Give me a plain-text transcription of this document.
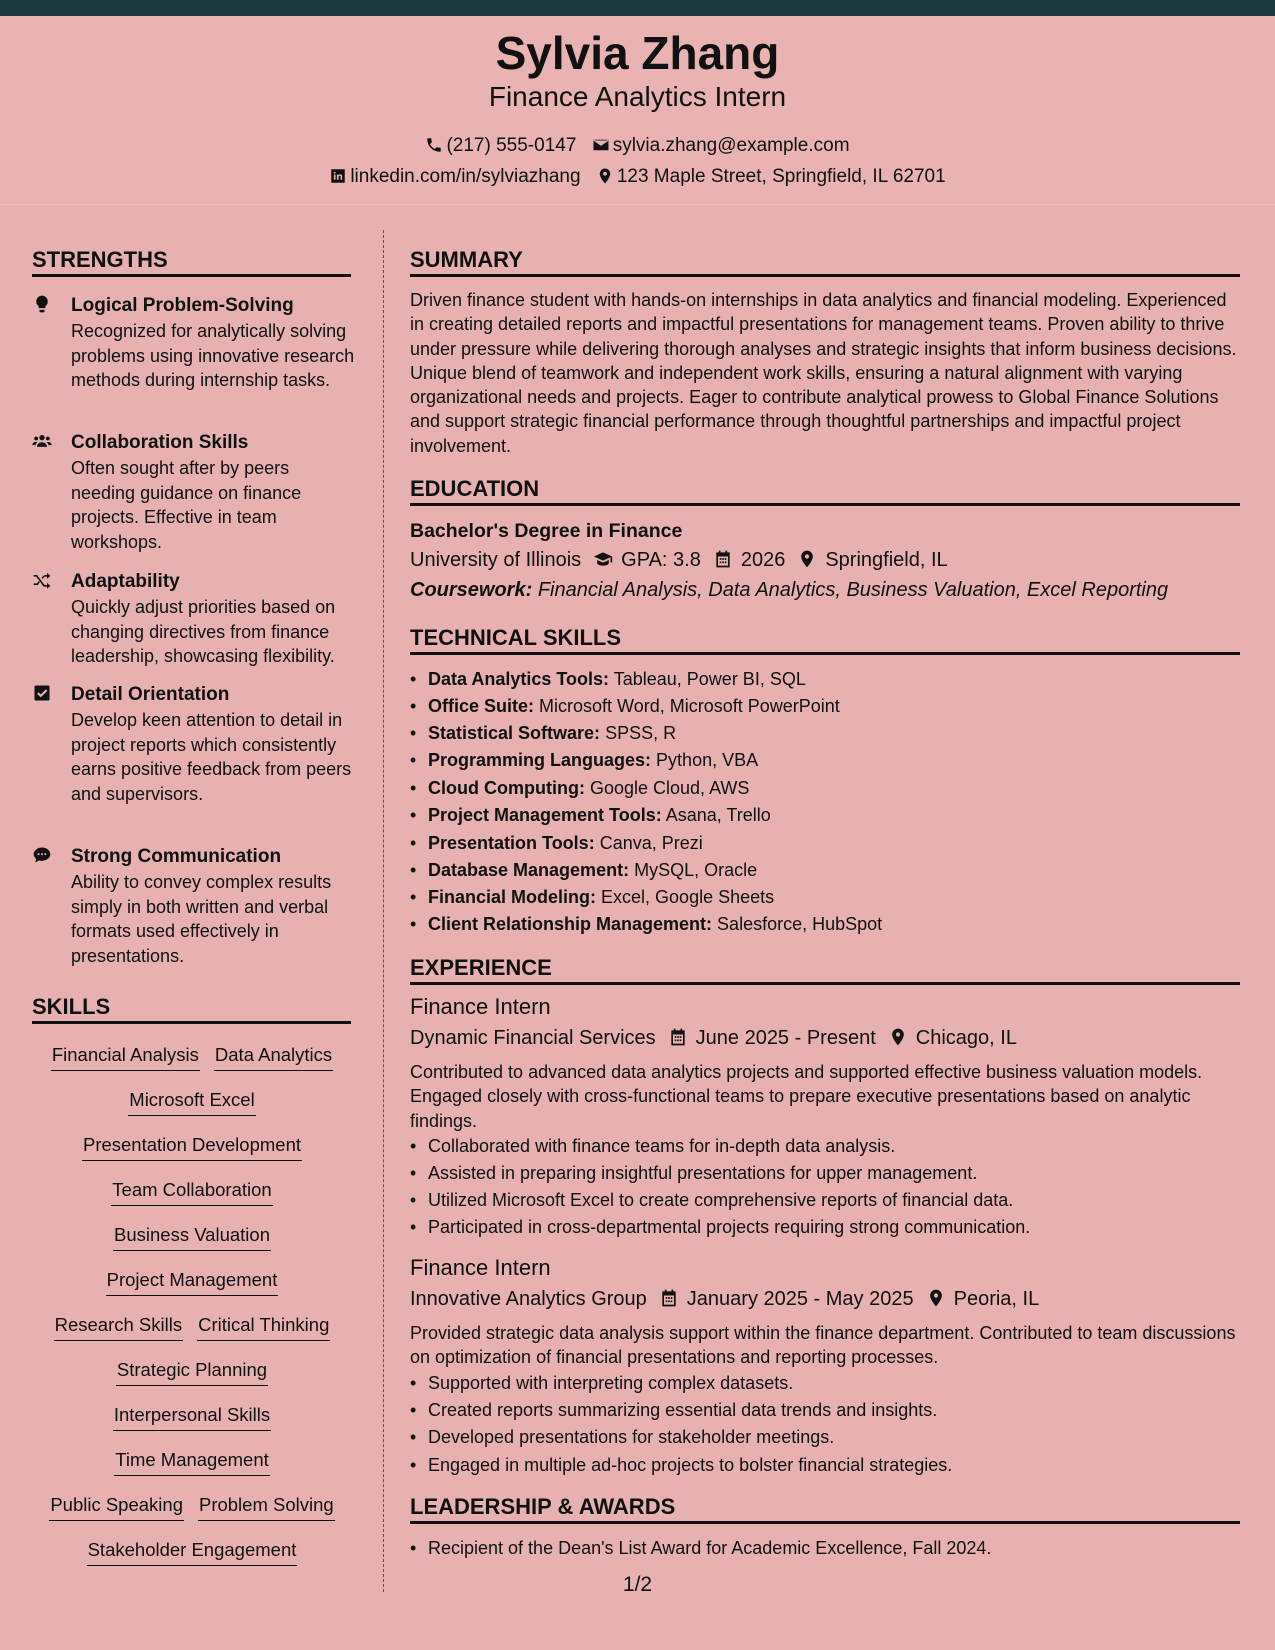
Sylvia Zhang
Finance Analytics Intern
(217) 555-0147 sylvia.zhang@example.com
linkedin.com/in/sylviazhang 123 Maple Street, Springfield, IL 62701
STRENGTHS
Logical Problem-Solving
Recognized for analytically solving problems using innovative research methods during internship tasks.
Collaboration Skills
Often sought after by peers needing guidance on finance projects. Effective in team workshops.
Adaptability
Quickly adjust priorities based on changing directives from finance leadership, showcasing flexibility.
Detail Orientation
Develop keen attention to detail in project reports which consistently earns positive feedback from peers and supervisors.
Strong Communication
Ability to convey complex results simply in both written and verbal formats used effectively in presentations.
SKILLS
Financial Analysis Data Analytics
Microsoft Excel
Presentation Development
Team Collaboration
Business Valuation
Project Management
Research Skills Critical Thinking
Strategic Planning
Interpersonal Skills
Time Management
Public Speaking Problem Solving
Stakeholder Engagement
SUMMARY
Driven finance student with hands-on internships in data analytics and financial modeling. Experienced in creating detailed reports and impactful presentations for management teams. Proven ability to thrive under pressure while delivering thorough analyses and strategic insights that inform business decisions. Unique blend of teamwork and independent work skills, ensuring a natural alignment with varying organizational needs and projects. Eager to contribute analytical prowess to Global Finance Solutions and support strategic financial performance through thoughtful partnerships and impactful project involvement.
EDUCATION
Bachelor's Degree in Finance
University of Illinois GPA: 3.8 2026 Springfield, IL
Coursework: Financial Analysis, Data Analytics, Business Valuation, Excel Reporting
TECHNICAL SKILLS
• Data Analytics Tools: Tableau, Power BI, SQL
• Office Suite: Microsoft Word, Microsoft PowerPoint
• Statistical Software: SPSS, R
• Programming Languages: Python, VBA
• Cloud Computing: Google Cloud, AWS
• Project Management Tools: Asana, Trello
• Presentation Tools: Canva, Prezi
• Database Management: MySQL, Oracle
• Financial Modeling: Excel, Google Sheets
• Client Relationship Management: Salesforce, HubSpot
EXPERIENCE
Finance Intern
Dynamic Financial Services June 2025 - Present Chicago, IL
Contributed to advanced data analytics projects and supported effective business valuation models. Engaged closely with cross-functional teams to prepare executive presentations based on analytic findings.
• Collaborated with finance teams for in-depth data analysis.
• Assisted in preparing insightful presentations for upper management.
• Utilized Microsoft Excel to create comprehensive reports of financial data.
• Participated in cross-departmental projects requiring strong communication.
Finance Intern
Innovative Analytics Group January 2025 - May 2025 Peoria, IL
Provided strategic data analysis support within the finance department. Contributed to team discussions on optimization of financial presentations and reporting processes.
• Supported with interpreting complex datasets.
• Created reports summarizing essential data trends and insights.
• Developed presentations for stakeholder meetings.
• Engaged in multiple ad-hoc projects to bolster financial strategies.
LEADERSHIP & AWARDS
• Recipient of the Dean's List Award for Academic Excellence, Fall 2024.
1/2
